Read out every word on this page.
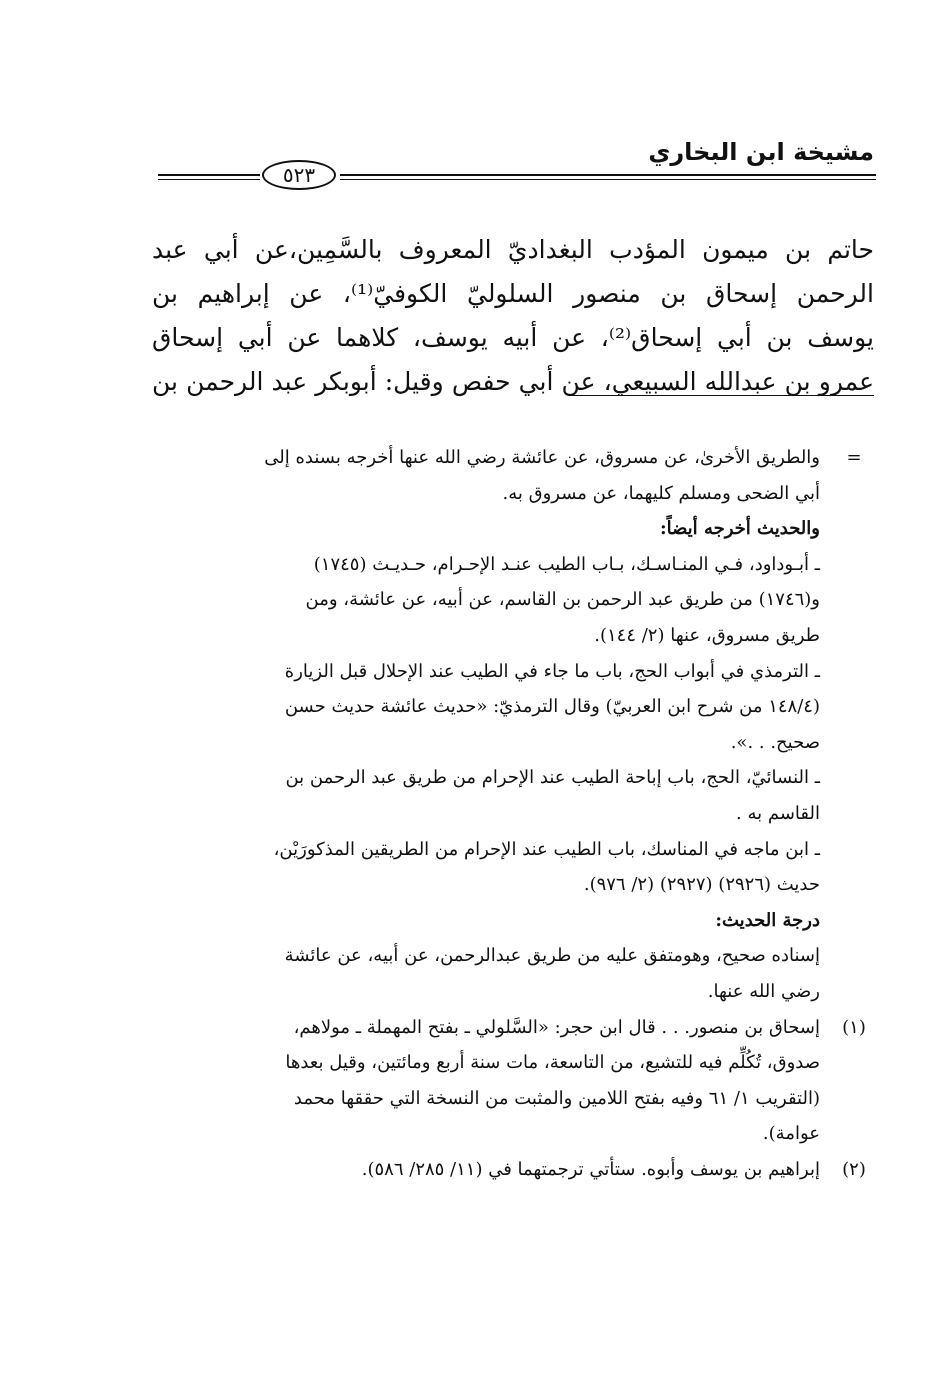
مشيخة ابن البخاري
٥٢٣
حاتم بن ميمون المؤدب البغداديّ المعروف بالسَّمِين،عن أبي عبد
الرحمن إسحاق بن منصور السلوليّ الكوفيّ⁽¹⁾، عن إبراهيم بن
يوسف بن أبي إسحاق⁽²⁾، عن أبيه يوسف، كلاهما عن أبي إسحاق
عمرو بن عبدالله السبيعي، عن أبي حفص وقيل: أبوبكر عبد الرحمن بن
=
والطريق الأخرىٰ، عن مسروق، عن عائشة رضي الله عنها أخرجه بسنده إلى
أبي الضحى ومسلم كليهما، عن مسروق به.
والحديث أخرجه أيضاً:
ـ أبـوداود، فـي المنـاسـك، بـاب الطيب عنـد الإحـرام، حـديـث (١٧٤٥)
و(١٧٤٦) من طريق عبد الرحمن بن القاسم، عن أبيه، عن عائشة، ومن
طريق مسروق، عنها (٢/ ١٤٤).
ـ الترمذي في أبواب الحج، باب ما جاء في الطيب عند الإحلال قبل الزيارة
(١٤٨/٤ من شرح ابن العربيّ) وقال الترمذيّ: «حديث عائشة حديث حسن
صحيح. . .».
ـ النسائيّ، الحج، باب إباحة الطيب عند الإحرام من طريق عبد الرحمن بن
القاسم به .
ـ ابن ماجه في المناسك، باب الطيب عند الإحرام من الطريقين المذكورَيْن،
حديث (٢٩٢٦) (٢٩٢٧) (٢/ ٩٧٦).
درجة الحديث:
إسناده صحيح، وهومتفق عليه من طريق عبدالرحمن، عن أبيه، عن عائشة
رضي الله عنها.
(١)
إسحاق بن منصور. . . قال ابن حجر: «السَّلولي ـ بفتح المهملة ـ مولاهم،
صدوق، تُكُلِّم فيه للتشيع، من التاسعة، مات سنة أربع ومائتين، وقيل بعدها
(التقريب ١/ ٦١ وفيه بفتح اللامين والمثبت من النسخة التي حققها محمد
عوامة).
(٢)
إبراهيم بن يوسف وأبوه. ستأتي ترجمتهما في (١١/ ٢٨٥/ ٥٨٦).
